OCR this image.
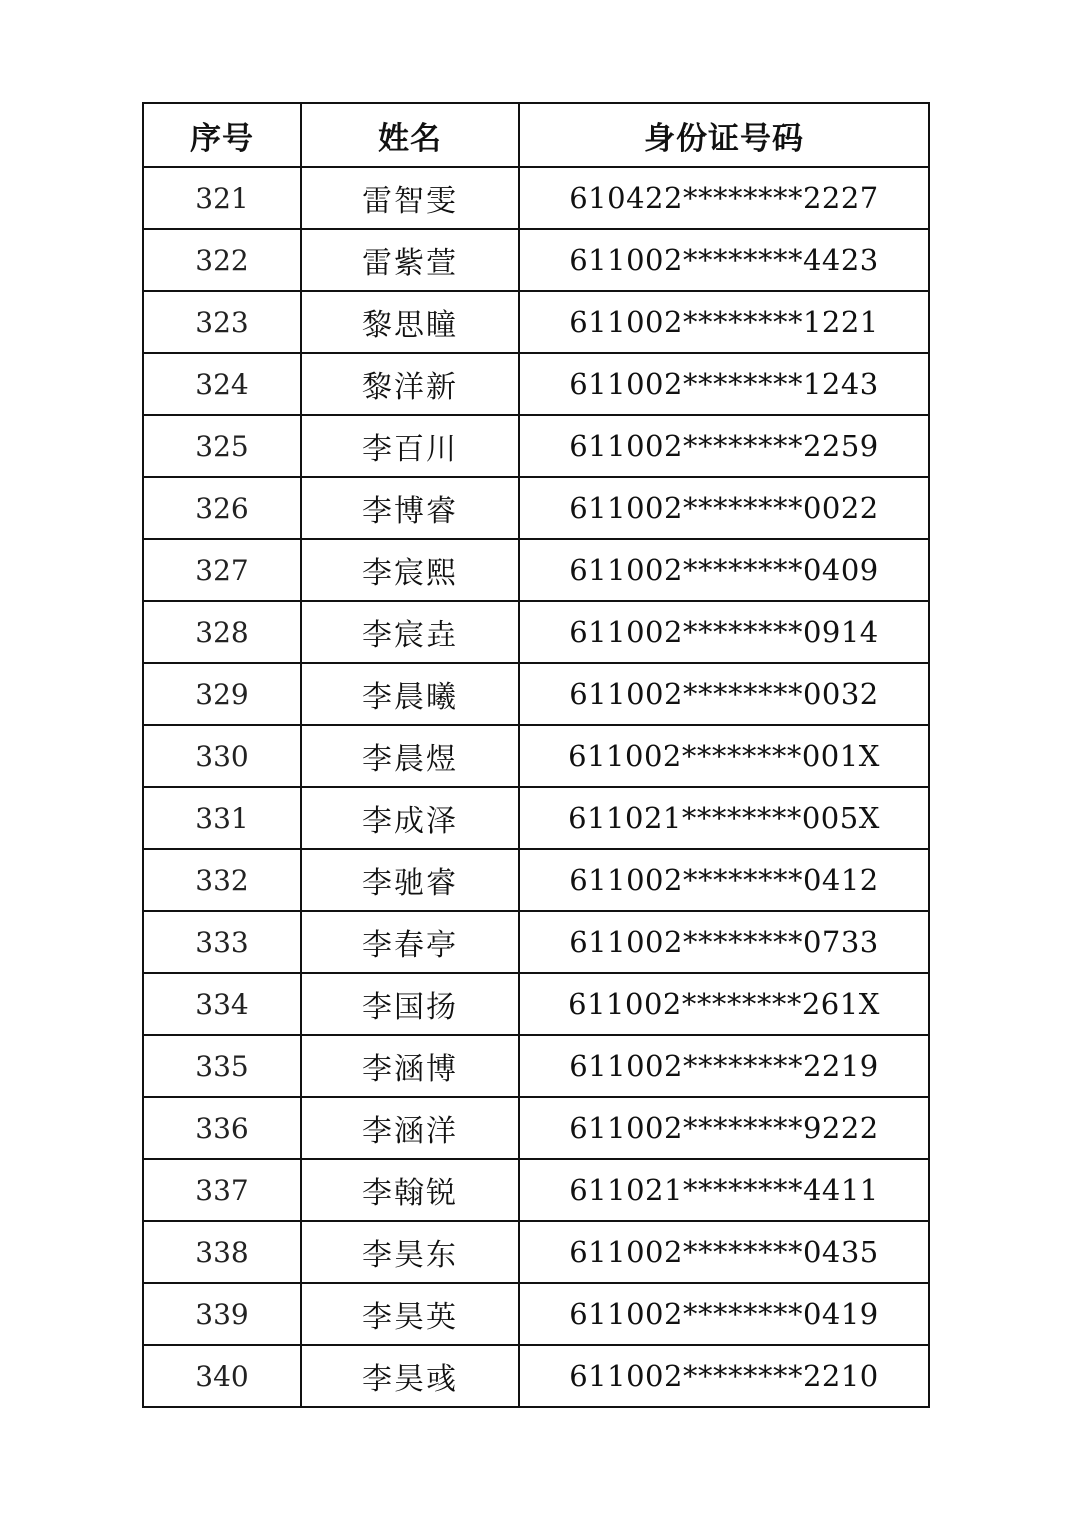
序号	姓名	身份证号码
321	雷智雯	610422********2227
322	雷紫萱	611002********4423
323	黎思瞳	611002********1221
324	黎洋新	611002********1243
325	李百川	611002********2259
326	李博睿	611002********0022
327	李宸熙	611002********0409
328	李宸垚	611002********0914
329	李晨曦	611002********0032
330	李晨煜	611002********001X
331	李成泽	611021********005X
332	李驰睿	611002********0412
333	李春亭	611002********0733
334	李国扬	611002********261X
335	李涵博	611002********2219
336	李涵洋	611002********9222
337	李翰锐	611021********4411
338	李昊东	611002********0435
339	李昊英	611002********0419
340	李昊彧	611002********2210
